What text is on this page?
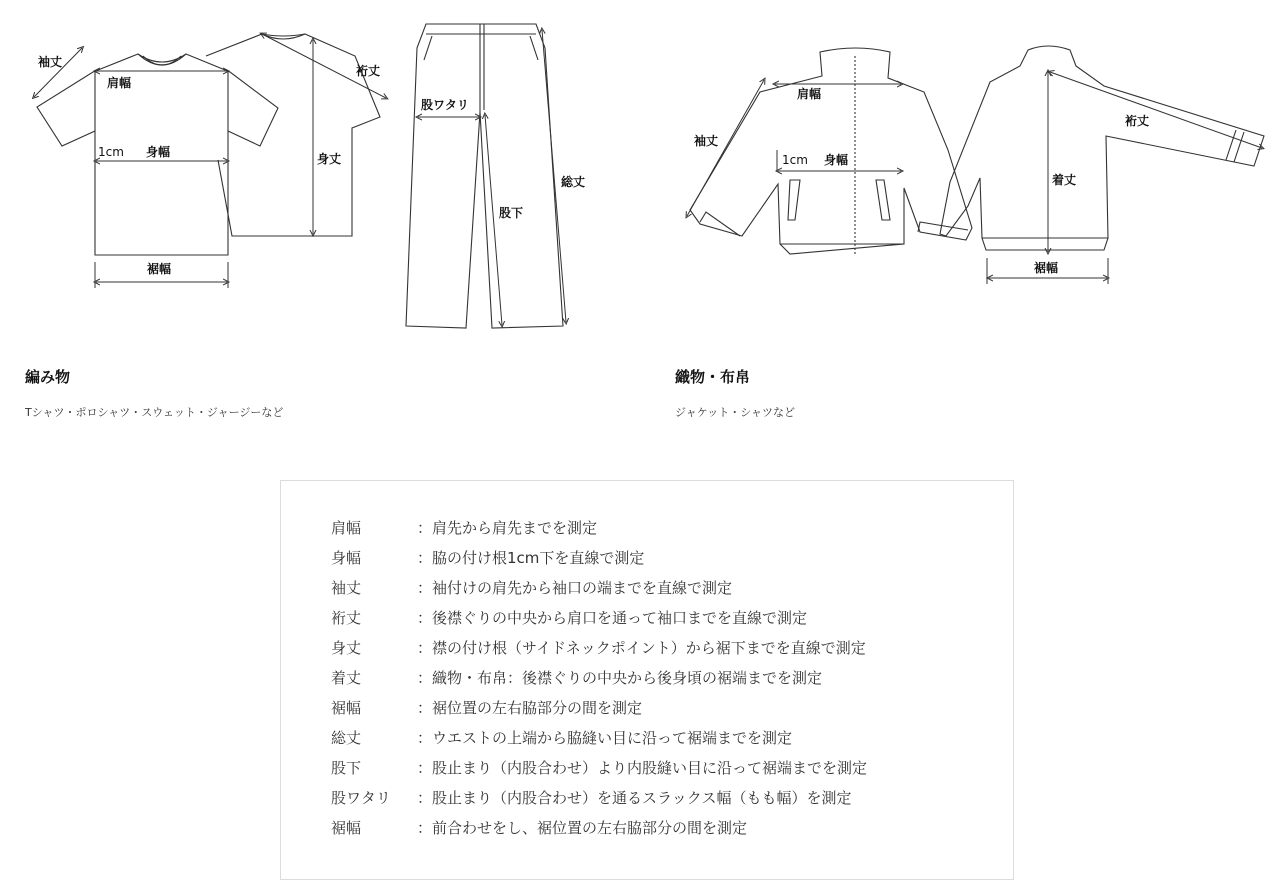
袖丈
肩幅
裄丈
1cm 身幅	身丈
裾幅
股ワタリ
股下
総丈
肩幅
袖丈
1cm 身幅
着丈
裄丈
裾幅
編み物
Tシャツ・ポロシャツ・スウェット・ジャージーなど
織物・布帛
ジャケット・シャツなど
肩幅	：肩先から肩先までを測定
身幅	：脇の付け根1cm下を直線で測定
袖丈	：袖付けの肩先から袖口の端までを直線で測定
裄丈	：後襟ぐりの中央から肩口を通って袖口までを直線で測定
身丈	：襟の付け根（サイドネックポイント）から裾下までを直線で測定
着丈	：織物・布帛：後襟ぐりの中央から後身頃の裾端までを測定
裾幅	：裾位置の左右脇部分の間を測定
総丈	：ウエストの上端から脇縫い目に沿って裾端までを測定
股下	：股止まり（内股合わせ）より内股縫い目に沿って裾端までを測定
股ワタリ ：股止まり（内股合わせ）を通るスラックス幅（もも幅）を測定
裾幅	：前合わせをし、裾位置の左右脇部分の間を測定
